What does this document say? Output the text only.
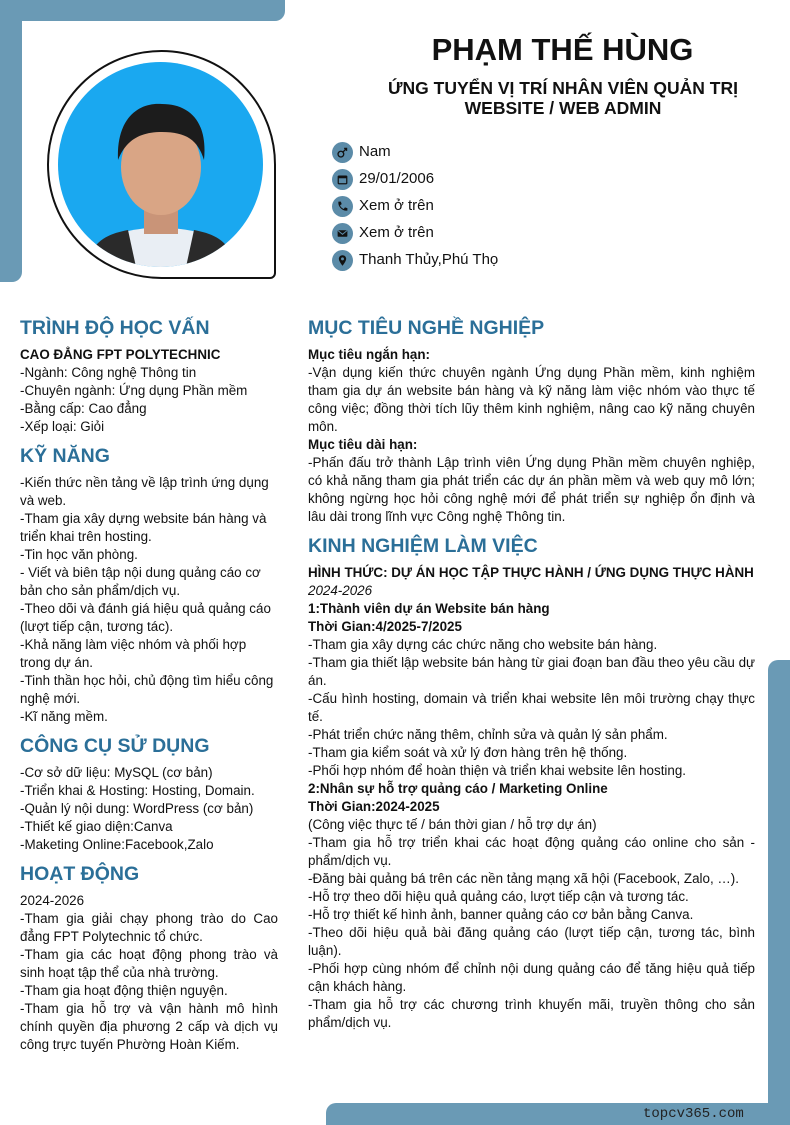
PHẠM THẾ HÙNG
ỨNG TUYỂN VỊ TRÍ NHÂN VIÊN QUẢN TRỊ WEBSITE / WEB ADMIN
Nam
29/01/2006
Xem ở trên
Xem ở trên
Thanh Thủy,Phú Thọ
TRÌNH ĐỘ HỌC VẤN
CAO ĐẲNG FPT POLYTECHNIC
-Ngành: Công nghệ Thông tin
-Chuyên ngành: Ứng dụng Phần mềm
-Bằng cấp: Cao đẳng
-Xếp loại: Giỏi
KỸ NĂNG
-Kiến thức nền tảng về lập trình ứng dụng và web.
-Tham gia xây dựng website bán hàng và triển khai trên hosting.
-Tin học văn phòng.
- Viết và biên tập nội dung quảng cáo cơ bản cho sản phẩm/dịch vụ.
-Theo dõi và đánh giá hiệu quả quảng cáo (lượt tiếp cận, tương tác).
-Khả năng làm việc nhóm và phối hợp trong dự án.
-Tinh thần học hỏi, chủ động tìm hiểu công nghệ mới.
-Kĩ năng mềm.
CÔNG CỤ SỬ DỤNG
-Cơ sở dữ liệu: MySQL (cơ bản)
-Triển khai & Hosting: Hosting, Domain.
-Quản lý nội dung: WordPress (cơ bản)
-Thiết kế giao diện:Canva
-Maketing Online:Facebook,Zalo
HOẠT ĐỘNG
2024-2026
-Tham gia giải chạy phong trào do Cao đẳng FPT Polytechnic tổ chức.
-Tham gia các hoạt động phong trào và sinh hoạt tập thể của nhà trường.
-Tham gia hoạt động thiện nguyện.
-Tham gia hỗ trợ và vận hành mô hình chính quyền địa phương 2 cấp và dịch vụ công trực tuyến Phường Hoàn Kiếm.
MỤC TIÊU NGHỀ NGHIỆP
Mục tiêu ngắn hạn:
-Vận dụng kiến thức chuyên ngành Ứng dụng Phần mềm, kinh nghiệm tham gia dự án website bán hàng và kỹ năng làm việc nhóm vào thực tế công việc; đồng thời tích lũy thêm kinh nghiệm, nâng cao kỹ năng chuyên môn.
Mục tiêu dài hạn:
-Phấn đấu trở thành Lập trình viên Ứng dụng Phần mềm chuyên nghiệp, có khả năng tham gia phát triển các dự án phần mềm và web quy mô lớn; không ngừng học hỏi công nghệ mới để phát triển sự nghiệp ổn định và lâu dài trong lĩnh vực Công nghệ Thông tin.
KINH NGHIỆM LÀM VIỆC
HÌNH THỨC: DỰ ÁN HỌC TẬP THỰC HÀNH / ỨNG DỤNG THỰC HÀNH
2024-2026
1:Thành viên dự án Website bán hàng
Thời Gian:4/2025-7/2025
-Tham gia xây dựng các chức năng cho website bán hàng.
-Tham gia thiết lập website bán hàng từ giai đoạn ban đầu theo yêu cầu dự án.
-Cấu hình hosting, domain và triển khai website lên môi trường chạy thực tế.
-Phát triển chức năng thêm, chỉnh sửa và quản lý sản phẩm.
-Tham gia kiểm soát và xử lý đơn hàng trên hệ thống.
-Phối hợp nhóm để hoàn thiện và triển khai website lên hosting.
2:Nhân sự hỗ trợ quảng cáo / Marketing Online
Thời Gian:2024-2025
(Công việc thực tế / bán thời gian / hỗ trợ dự án)
-Tham gia hỗ trợ triển khai các hoạt động quảng cáo online cho sản - phẩm/dịch vụ.
-Đăng bài quảng bá trên các nền tảng mạng xã hội (Facebook, Zalo, …).
-Hỗ trợ theo dõi hiệu quả quảng cáo, lượt tiếp cận và tương tác.
-Hỗ trợ thiết kế hình ảnh, banner quảng cáo cơ bản bằng Canva.
-Theo dõi hiệu quả bài đăng quảng cáo (lượt tiếp cận, tương tác, bình luận).
-Phối hợp cùng nhóm để chỉnh nội dung quảng cáo để tăng hiệu quả tiếp cận khách hàng.
-Tham gia hỗ trợ các chương trình khuyến mãi, truyền thông cho sản phẩm/dịch vụ.
topcv365.com
